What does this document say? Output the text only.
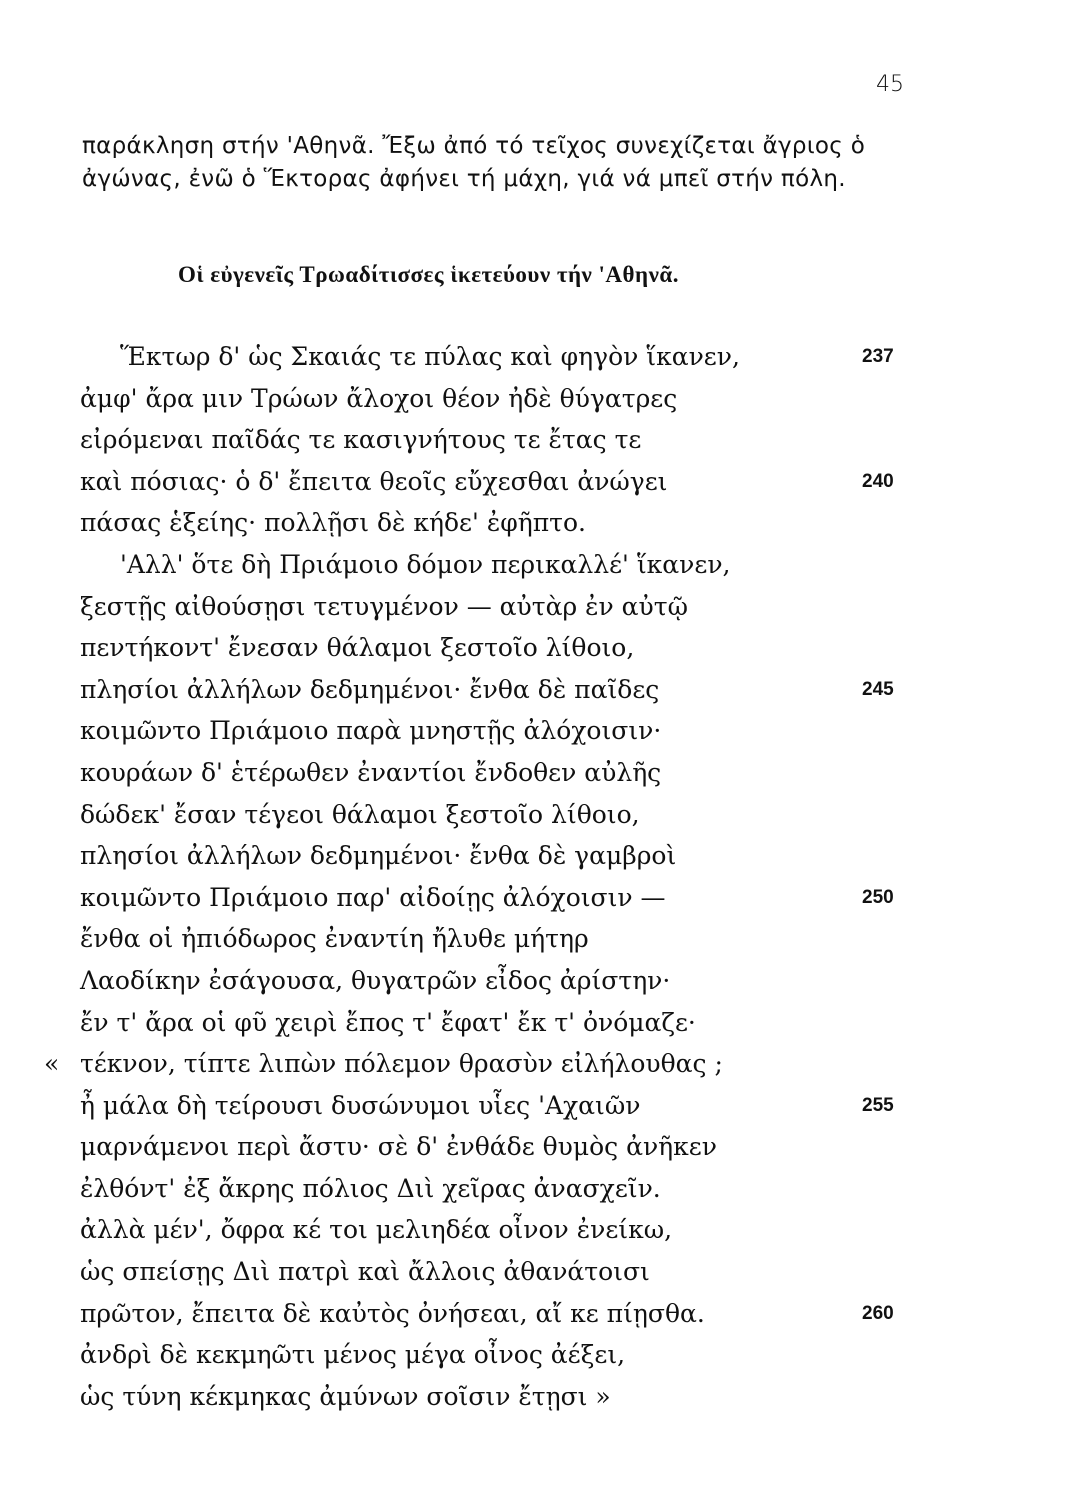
45
παράκληση στήν 'Αθηνᾶ. Ἔξω ἀπό τό τεῖχος συνεχίζεται ἄγριος ὁ
ἀγώνας, ἐνῶ ὁ Ἕκτορας ἀφήνει τή μάχη, γιά νά μπεῖ στήν πόλη.
Οἱ εὐγενεῖς Τρωαδίτισσες ἱκετεύουν τήν 'Αθηνᾶ.
Ἕκτωρ δ' ὡς Σκαιάς τε πύλας καὶ φηγὸν ἵκανεν,	237
ἀμφ' ἄρα μιν Τρώων ἄλοχοι θέον ἠδὲ θύγατρες
εἰρόμεναι παῖδάς τε κασιγνήτους τε ἔτας τε
καὶ πόσιας· ὁ δ' ἔπειτα θεοῖς εὔχεσθαι ἀνώγει	240
πάσας ἑξείης· πολλῇσι δὲ κήδε' ἐφῆπτο.
'Αλλ' ὅτε δὴ Πριάμοιο δόμον περικαλλέ' ἵκανεν,
ξεστῇς αἰθούσῃσι τετυγμένον — αὐτὰρ ἐν αὐτῷ
πεντήκοντ' ἔνεσαν θάλαμοι ξεστοῖο λίθοιο,
πλησίοι ἀλλήλων δεδμημένοι· ἔνθα δὲ παῖδες	245
κοιμῶντο Πριάμοιο παρὰ μνηστῇς ἀλόχοισιν·
κουράων δ' ἑτέρωθεν ἐναντίοι ἔνδοθεν αὐλῆς
δώδεκ' ἔσαν τέγεοι θάλαμοι ξεστοῖο λίθοιο,
πλησίοι ἀλλήλων δεδμημένοι· ἔνθα δὲ γαμβροὶ
κοιμῶντο Πριάμοιο παρ' αἰδοίῃς ἀλόχοισιν —	250
ἔνθα οἱ ἠπιόδωρος ἐναντίη ἤλυθε μήτηρ
Λαοδίκην ἐσάγουσα, θυγατρῶν εἶδος ἀρίστην·
ἔν τ' ἄρα οἱ φῦ χειρὶ ἔπος τ' ἔφατ' ἔκ τ' ὀνόμαζε·
« τέκνον, τίπτε λιπὼν πόλεμον θρασὺν εἰλήλουθας ;
ἦ μάλα δὴ τείρουσι δυσώνυμοι υἷες 'Αχαιῶν	255
μαρνάμενοι περὶ ἄστυ· σὲ δ' ἐνθάδε θυμὸς ἀνῆκεν
ἐλθόντ' ἐξ ἄκρης πόλιος Διὶ χεῖρας ἀνασχεῖν.
ἀλλὰ μέν', ὄφρα κέ τοι μελιηδέα οἶνον ἐνείκω,
ὡς σπείσῃς Διὶ πατρὶ καὶ ἄλλοις ἀθανάτοισι
πρῶτον, ἔπειτα δὲ καὐτὸς ὀνήσεαι, αἴ κε πίῃσθα.	260
ἀνδρὶ δὲ κεκμηῶτι μένος μέγα οἶνος ἀέξει,
ὡς τύνη κέκμηκας ἀμύνων σοῖσιν ἔτῃσι »
